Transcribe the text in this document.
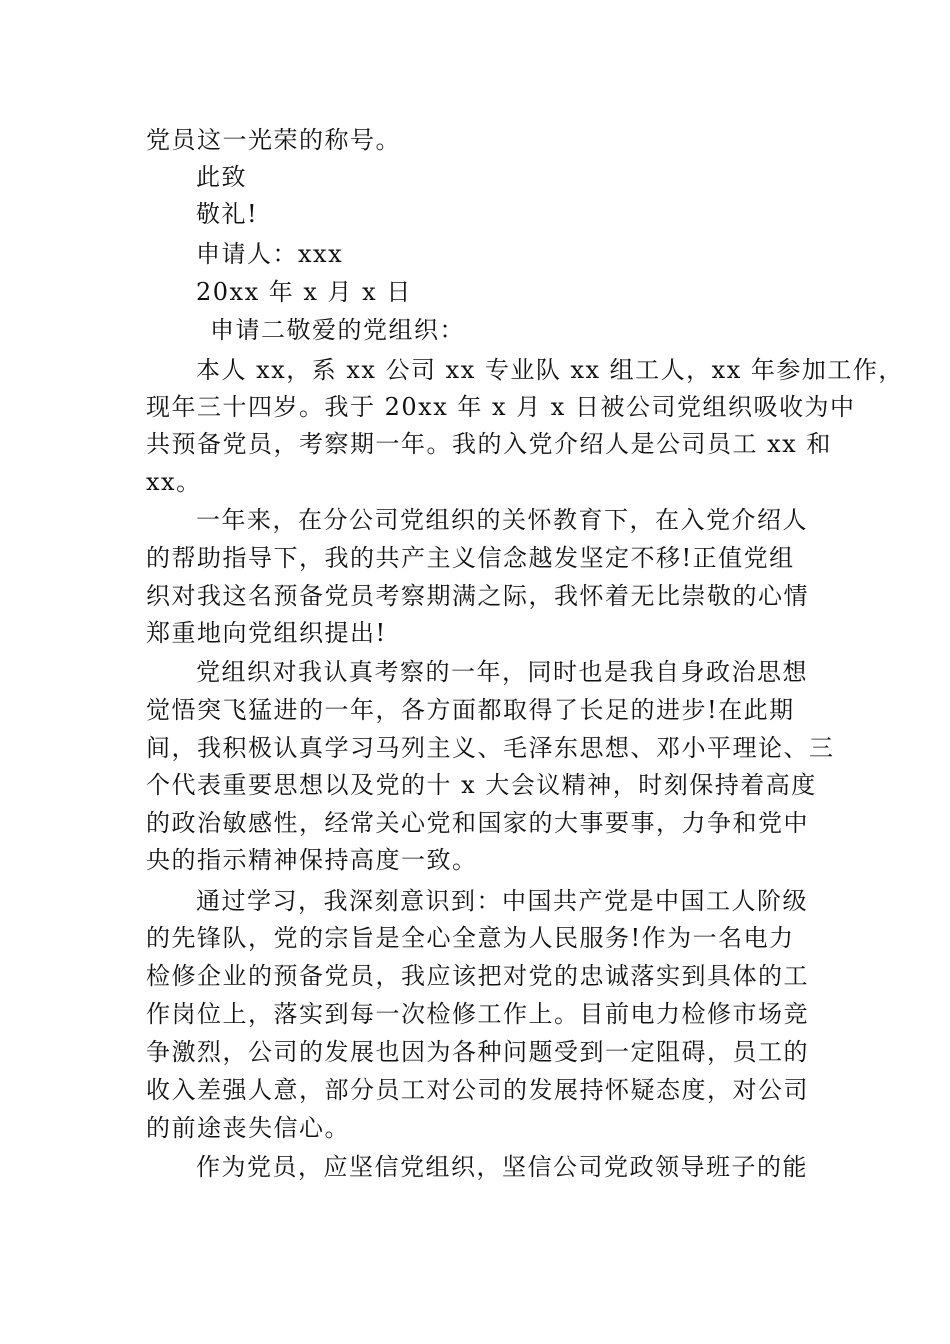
党员这一光荣的称号。
此致
敬礼!
申请人：xxx
20xx 年 x 月 x 日
申请二敬爱的党组织：
本人 xx，系 xx 公司 xx 专业队 xx 组工人，xx 年参加工作，
现年三十四岁。我于 20xx 年 x 月 x 日被公司党组织吸收为中
共预备党员，考察期一年。我的入党介绍人是公司员工 xx 和
xx。
一年来，在分公司党组织的关怀教育下，在入党介绍人
的帮助指导下，我的共产主义信念越发坚定不移!正值党组
织对我这名预备党员考察期满之际，我怀着无比崇敬的心情
郑重地向党组织提出!
党组织对我认真考察的一年，同时也是我自身政治思想
觉悟突飞猛进的一年，各方面都取得了长足的进步!在此期
间，我积极认真学习马列主义、毛泽东思想、邓小平理论、三
个代表重要思想以及党的十 x 大会议精神，时刻保持着高度
的政治敏感性，经常关心党和国家的大事要事，力争和党中
央的指示精神保持高度一致。
通过学习，我深刻意识到：中国共产党是中国工人阶级
的先锋队，党的宗旨是全心全意为人民服务!作为一名电力
检修企业的预备党员，我应该把对党的忠诚落实到具体的工
作岗位上，落实到每一次检修工作上。目前电力检修市场竞
争激烈，公司的发展也因为各种问题受到一定阻碍，员工的
收入差强人意，部分员工对公司的发展持怀疑态度，对公司
的前途丧失信心。
作为党员，应坚信党组织，坚信公司党政领导班子的能
